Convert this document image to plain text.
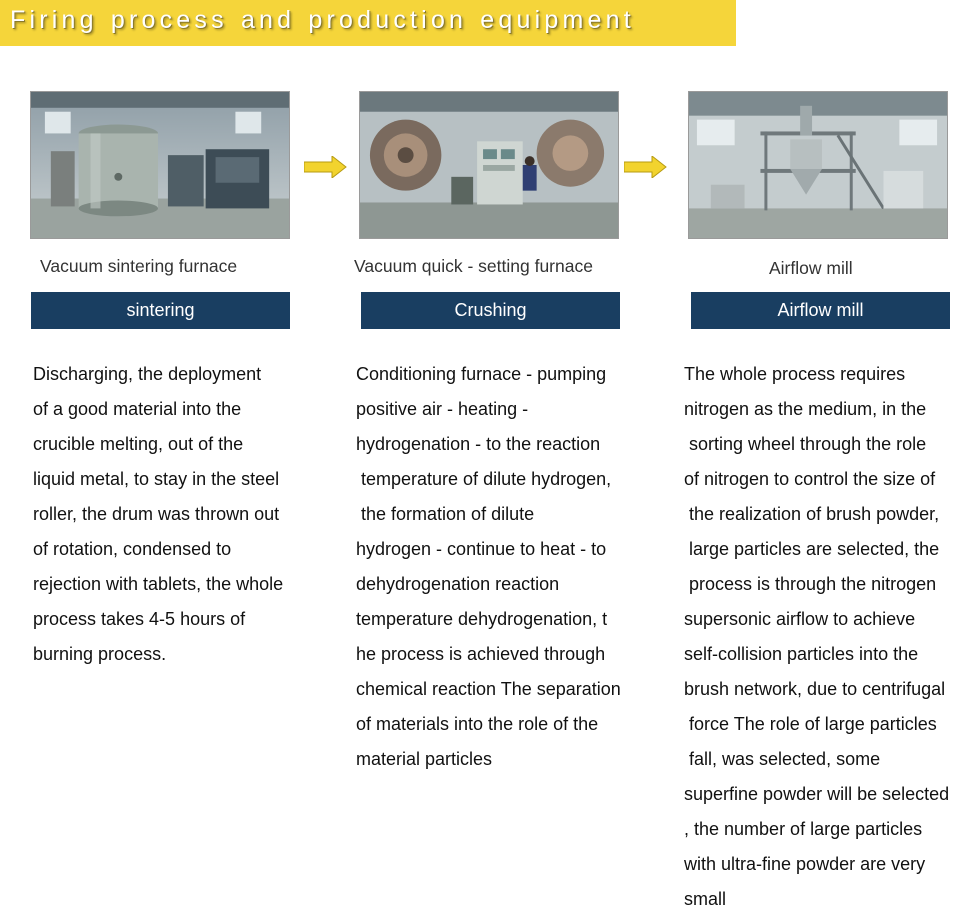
Firing process and production equipment
Vacuum sintering furnace	Vacuum quick - setting furnace	Airflow mill
sintering	Crushing	Airflow mill
Discharging, the deployment
of a good material into the
crucible melting, out of the
liquid metal, to stay in the steel
roller, the drum was thrown out
of rotation, condensed to
rejection with tablets, the whole
process takes 4-5 hours of
burning process.
Conditioning furnace - pumping
positive air - heating -
hydrogenation - to the reaction
temperature of dilute hydrogen,
the formation of dilute
hydrogen - continue to heat - to
dehydrogenation reaction
temperature dehydrogenation, t
he process is achieved through
chemical reaction The separation
of materials into the role of the
material particles
The whole process requires
nitrogen as the medium, in the
sorting wheel through the role
of nitrogen to control the size of
the realization of brush powder,
large particles are selected, the
process is through the nitrogen
supersonic airflow to achieve
self-collision particles into the
brush network, due to centrifugal
force The role of large particles
fall, was selected, some
superfine powder will be selected
, the number of large particles
with ultra-fine powder are very
small
